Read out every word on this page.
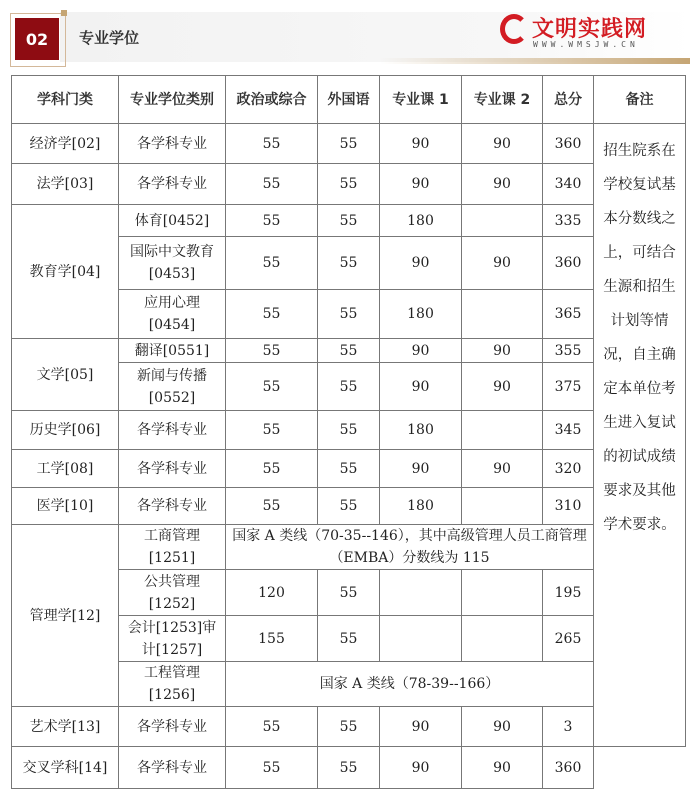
02	专业学位
学科门类	专业学位类别	政治或综合	外国语	专业课 1	专业课 2	总分	备注
经济学[02]	各学科专业	55	55	90	90	360	招生院系在学校复试基本分数线之上，可结合生源和招生计划等情况，自主确定本单位考生进入复试的初试成绩要求及其他学术要求。
法学[03]	各学科专业	55	55	90	90	340	
教育学[04]	体育[0452]	55	55	180		335	
	国际中文教育[0453]	55	55	90	90	360	
	应用心理[0454]	55	55	180		365	
文学[05]	翻译[0551]	55	55	90	90	355	
	新闻与传播[0552]	55	55	90	90	375	
历史学[06]	各学科专业	55	55	180		345	
工学[08]	各学科专业	55	55	90	90	320	
医学[10]	各学科专业	55	55	180		310	
管理学[12]	工商管理[1251]	国家 A 类线（70-35--146），其中高级管理人员工商管理（EMBA）分数线为 115					
	公共管理[1252]	120	55			195	
	会计[1253]审计[1257]	155	55			265	
	工程管理[1256]	国家 A 类线（78-39--166）					
艺术学[13]	各学科专业	55	55	90	90	3	
交叉学科[14]	各学科专业	55	55	90	90	360	
文明实践网
WWW.WMSJW.CN
